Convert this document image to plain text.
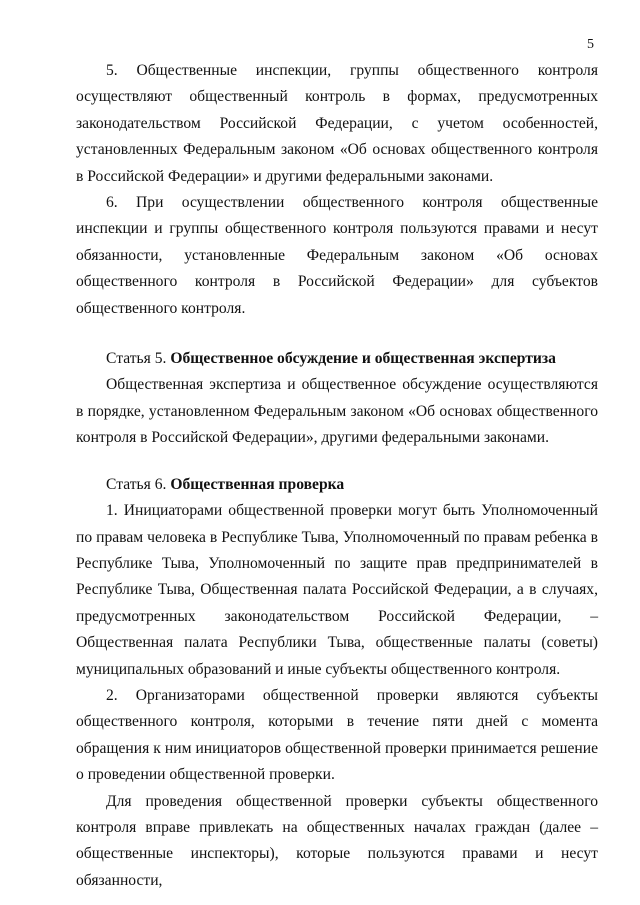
5

5. Общественные инспекции, группы общественного контроля осуществляют общественный контроль в формах, предусмотренных законодательством Российской Федерации, с учетом особенностей, установленных Федеральным законом «Об основах общественного контроля в Российской Федерации» и другими федеральными законами.

6. При осуществлении общественного контроля общественные инспекции и группы общественного контроля пользуются правами и несут обязанности, установленные Федеральным законом «Об основах общественного контроля в Российской Федерации» для субъектов общественного контроля.

Статья 5. Общественное обсуждение и общественная экспертиза

Общественная экспертиза и общественное обсуждение осуществляются в порядке, установленном Федеральным законом «Об основах общественного контроля в Российской Федерации», другими федеральными законами.

Статья 6. Общественная проверка

1. Инициаторами общественной проверки могут быть Уполномоченный по правам человека в Республике Тыва, Уполномоченный по правам ребенка в Республике Тыва, Уполномоченный по защите прав предпринимателей в Республике Тыва, Общественная палата Российской Федерации, а в случаях, предусмотренных законодательством Российской Федерации, – Общественная палата Республики Тыва, общественные палаты (советы) муниципальных образований и иные субъекты общественного контроля.

2. Организаторами общественной проверки являются субъекты общественного контроля, которыми в течение пяти дней с момента обращения к ним инициаторов общественной проверки принимается решение о проведении общественной проверки.

Для проведения общественной проверки субъекты общественного контроля вправе привлекать на общественных началах граждан (далее – общественные инспекторы), которые пользуются правами и несут обязанности,
